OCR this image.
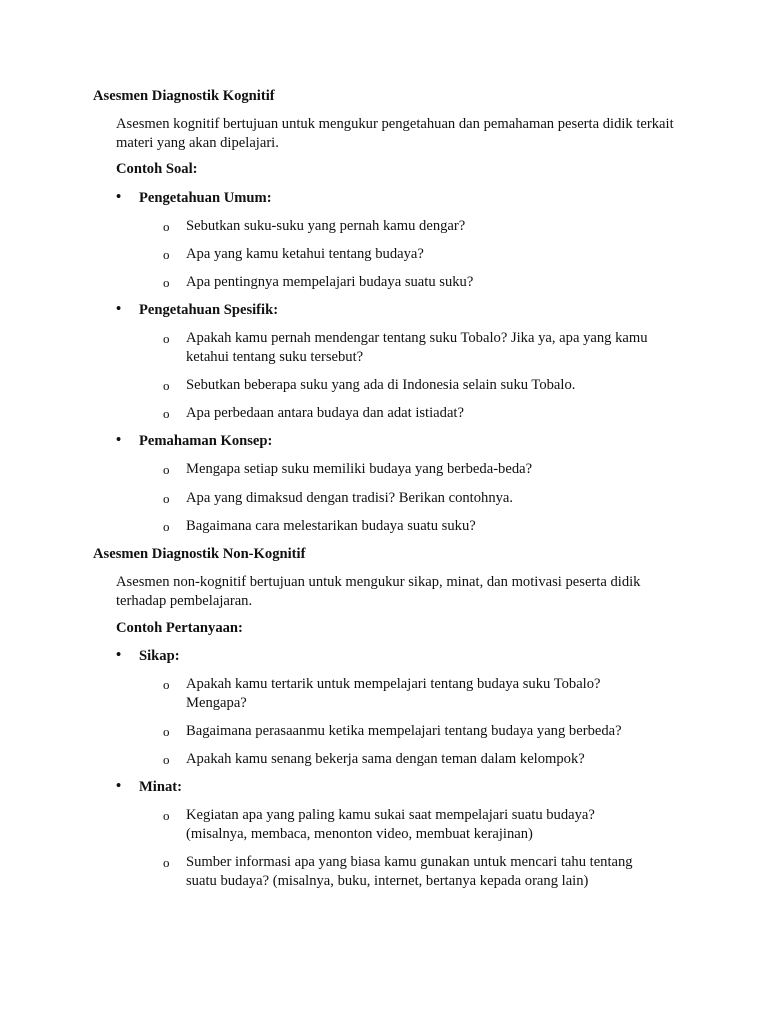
Asesmen Diagnostik Kognitif
Asesmen kognitif bertujuan untuk mengukur pengetahuan dan pemahaman peserta didik terkait materi yang akan dipelajari.
Contoh Soal:
• Pengetahuan Umum:
o Sebutkan suku-suku yang pernah kamu dengar?
o Apa yang kamu ketahui tentang budaya?
o Apa pentingnya mempelajari budaya suatu suku?
• Pengetahuan Spesifik:
o Apakah kamu pernah mendengar tentang suku Tobalo? Jika ya, apa yang kamu ketahui tentang suku tersebut?
o Sebutkan beberapa suku yang ada di Indonesia selain suku Tobalo.
o Apa perbedaan antara budaya dan adat istiadat?
• Pemahaman Konsep:
o Mengapa setiap suku memiliki budaya yang berbeda-beda?
o Apa yang dimaksud dengan tradisi? Berikan contohnya.
o Bagaimana cara melestarikan budaya suatu suku?
Asesmen Diagnostik Non-Kognitif
Asesmen non-kognitif bertujuan untuk mengukur sikap, minat, dan motivasi peserta didik terhadap pembelajaran.
Contoh Pertanyaan:
• Sikap:
o Apakah kamu tertarik untuk mempelajari tentang budaya suku Tobalo? Mengapa?
o Bagaimana perasaanmu ketika mempelajari tentang budaya yang berbeda?
o Apakah kamu senang bekerja sama dengan teman dalam kelompok?
• Minat:
o Kegiatan apa yang paling kamu sukai saat mempelajari suatu budaya? (misalnya, membaca, menonton video, membuat kerajinan)
o Sumber informasi apa yang biasa kamu gunakan untuk mencari tahu tentang suatu budaya? (misalnya, buku, internet, bertanya kepada orang lain)
